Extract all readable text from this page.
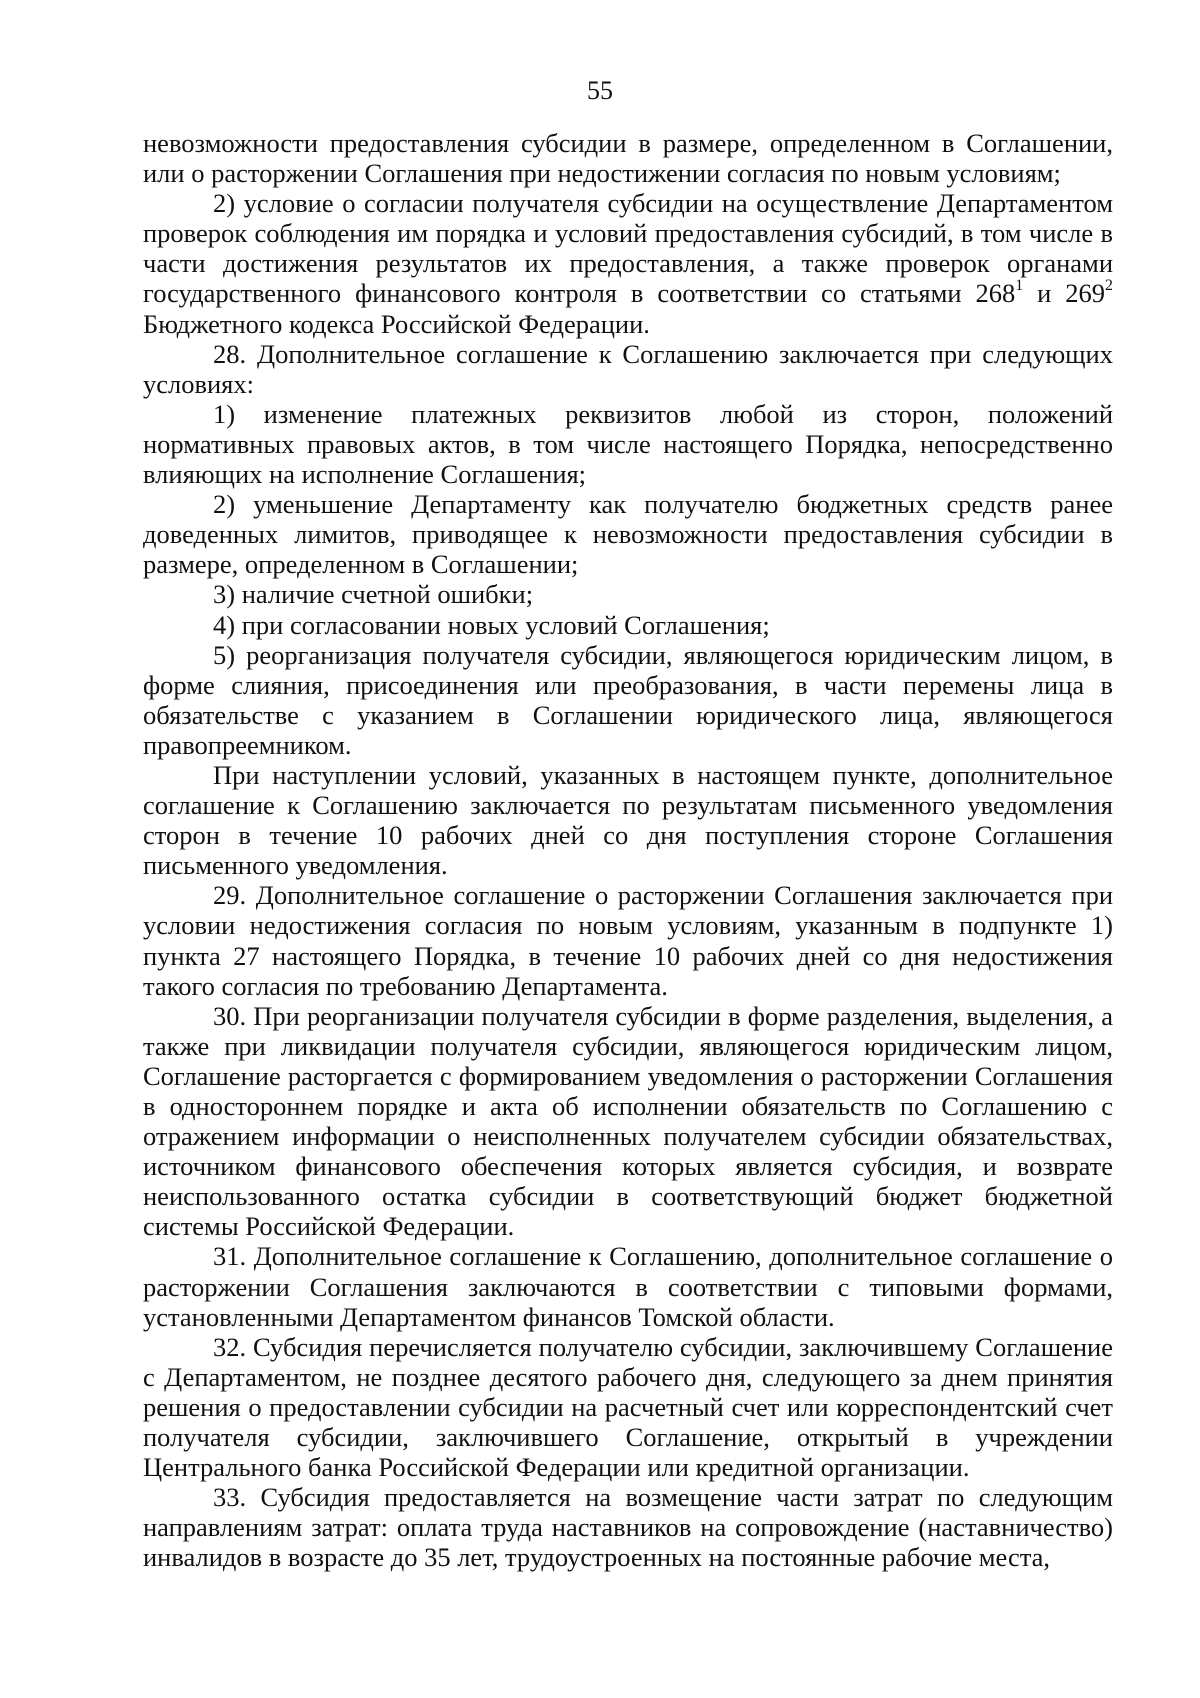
55

невозможности предоставления субсидии в размере, определенном в Соглашении, или о расторжении Соглашения при недостижении согласия по новым условиям;

2) условие о согласии получателя субсидии на осуществление Департаментом проверок соблюдения им порядка и условий предоставления субсидий, в том числе в части достижения результатов их предоставления, а также проверок органами государственного финансового контроля в соответствии со статьями $268^1$ и $269^2$ Бюджетного кодекса Российской Федерации.

28. Дополнительное соглашение к Соглашению заключается при следующих условиях:

1) изменение платежных реквизитов любой из сторон, положений нормативных правовых актов, в том числе настоящего Порядка, непосредственно влияющих на исполнение Соглашения;

2) уменьшение Департаменту как получателю бюджетных средств ранее доведенных лимитов, приводящее к невозможности предоставления субсидии в размере, определенном в Соглашении;

3) наличие счетной ошибки;

4) при согласовании новых условий Соглашения;

5) реорганизация получателя субсидии, являющегося юридическим лицом, в форме слияния, присоединения или преобразования, в части перемены лица в обязательстве с указанием в Соглашении юридического лица, являющегося правопреемником.

При наступлении условий, указанных в настоящем пункте, дополнительное соглашение к Соглашению заключается по результатам письменного уведомления сторон в течение 10 рабочих дней со дня поступления стороне Соглашения письменного уведомления.

29. Дополнительное соглашение о расторжении Соглашения заключается при условии недостижения согласия по новым условиям, указанным в подпункте 1) пункта 27 настоящего Порядка, в течение 10 рабочих дней со дня недостижения такого согласия по требованию Департамента.

30. При реорганизации получателя субсидии в форме разделения, выделения, а также при ликвидации получателя субсидии, являющегося юридическим лицом, Соглашение расторгается с формированием уведомления о расторжении Соглашения в одностороннем порядке и акта об исполнении обязательств по Соглашению с отражением информации о неисполненных получателем субсидии обязательствах, источником финансового обеспечения которых является субсидия, и возврате неиспользованного остатка субсидии в соответствующий бюджет бюджетной системы Российской Федерации.

31. Дополнительное соглашение к Соглашению, дополнительное соглашение о расторжении Соглашения заключаются в соответствии с типовыми формами, установленными Департаментом финансов Томской области.

32. Субсидия перечисляется получателю субсидии, заключившему Соглашение с Департаментом, не позднее десятого рабочего дня, следующего за днем принятия решения о предоставлении субсидии на расчетный счет или корреспондентский счет получателя субсидии, заключившего Соглашение, открытый в учреждении Центрального банка Российской Федерации или кредитной организации.

33. Субсидия предоставляется на возмещение части затрат по следующим направлениям затрат: оплата труда наставников на сопровождение (наставничество) инвалидов в возрасте до 35 лет, трудоустроенных на постоянные рабочие места,
